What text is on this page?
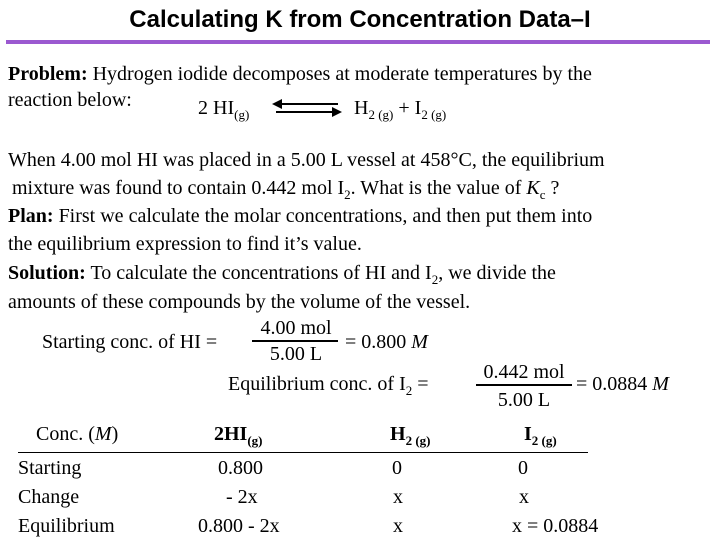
Calculating K from Concentration Data–I
Problem: Hydrogen iodide decomposes at moderate temperatures by the
reaction below:	2 $HI_{(g)}$	$H_{2 (g)} + I_{2 (g)}$
When 4.00 mol HI was placed in a 5.00 L vessel at 458°C, the equilibrium
mixture was found to contain 0.442 mol $I_2$. What is the value of $K_c$ ?
Plan: First we calculate the molar concentrations, and then put them into
the equilibrium expression to find it’s value.
Solution: To calculate the concentrations of HI and $I_2$, we divide the
amounts of these compounds by the volume of the vessel.
Starting conc. of HI =
4.00 mol
5.00 L
= 0.800 M
Equilibrium conc. of $I_2$ =
0.442 mol
5.00 L
= 0.0884 M
Conc. (M)	$2HI_{(g)}$	$H_{2 (g)}$	$I_{2 (g)}$
Starting	0.800	0	0
Change	- 2x	x	x
Equilibrium	0.800 - 2x	x	x = 0.0884
